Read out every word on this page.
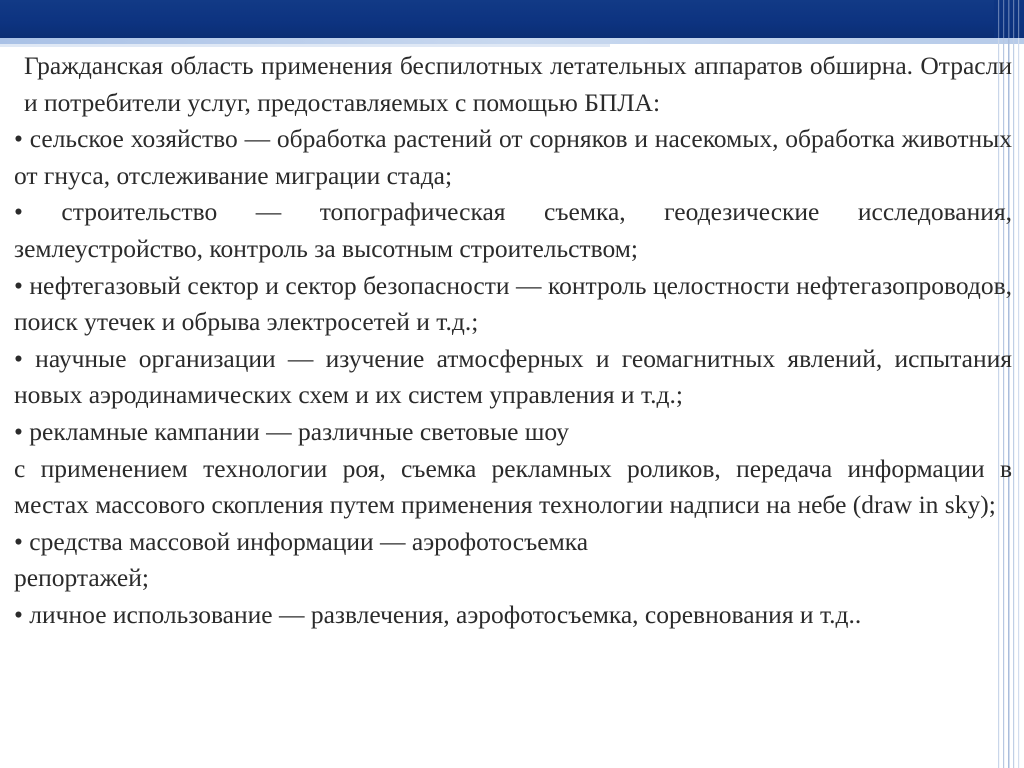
Гражданская область применения беспилотных летательных аппаратов обширна. Отрасли и потребители услуг, предоставляемых с помощью БПЛА:

• сельское хозяйство — обработка растений от сорняков и насекомых, обработка животных от гнуса, отслеживание миграции стада;

• строительство — топографическая съемка, геодезические исследования, землеустройство, контроль за высотным строительством;

• нефтегазовый сектор и сектор безопасности — контроль целостности нефтегазопроводов, поиск утечек и обрыва электросетей и т.д.;

• научные организации — изучение атмосферных и геомагнитных явлений, испытания новых аэродинамических схем и их систем управления и т.д.;

• рекламные кампании — различные световые шоу

с применением технологии роя, съемка рекламных роликов, передача информации в местах массового скопления путем применения технологии надписи на небе (draw in sky);

• средства массовой информации — аэрофотосъемка

репортажей;

• личное использование — развлечения, аэрофотосъемка, соревнования и т.д..
